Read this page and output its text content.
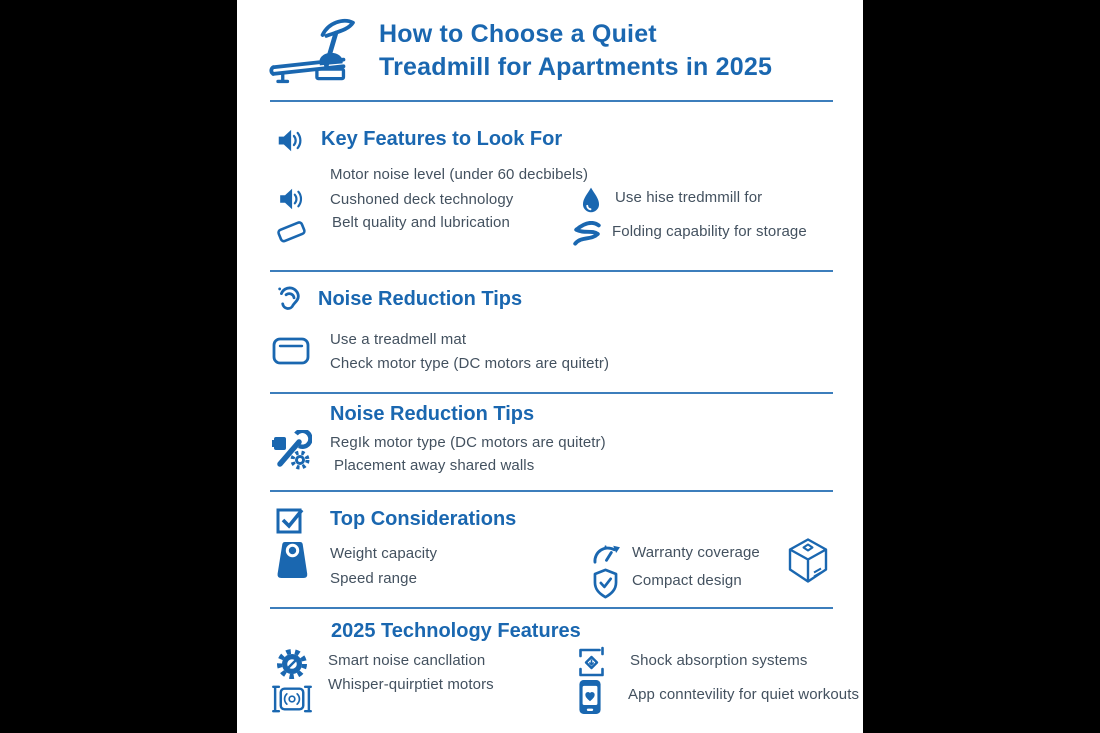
How to Choose a Quiet
Treadmill for Apartments in 2025
Key Features to Look For
Motor noise level (under 60 decbibels)
Cushoned deck technology
Belt quality and lubrication
Use hise tredmmill for
Folding capability for storage
Noise Reduction Tips
Use a treadmell mat
Check motor type (DC motors are quitetr)
Noise Reduction Tips
RegIk motor type (DC motors are quitetr)
Placement away shared walls
Top Considerations
Weight capacity
Speed range
Warranty coverage
Compact design
2025 Technology Features
Smart noise cancllation
Whisper-quirptiet motors
Shock absorption systems
App conntevility for quiet workouts
